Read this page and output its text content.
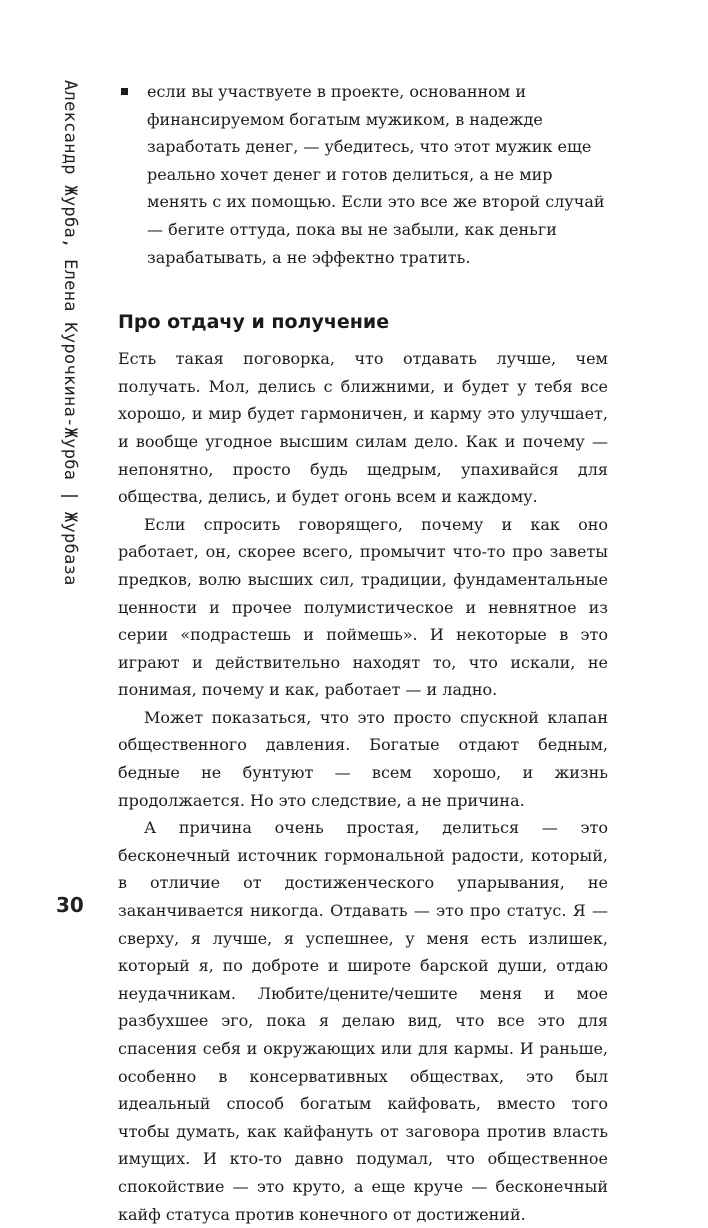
Александр Журба, Елена Курочкина-Журба | Журбаза
30
если вы участвуете в проекте, основанном и финансируемом богатым мужиком, в надежде заработать денег, — убедитесь, что этот мужик еще реально хочет денег и готов делиться, а не мир менять с их помощью. Если это все же второй случай — бегите оттуда, пока вы не забыли, как деньги зарабатывать, а не эффектно тратить.
Про отдачу и получение

Есть такая поговорка, что отдавать лучше, чем получать. Мол, делись с ближними, и будет у тебя все хорошо, и мир будет гармоничен, и карму это улучшает, и вообще угодное высшим силам дело. Как и почему — непонятно, просто будь щедрым, упахивайся для общества, делись, и будет огонь всем и каждому.

Если спросить говорящего, почему и как оно работает, он, скорее всего, промычит что-то про заветы предков, волю высших сил, традиции, фундаментальные ценности и прочее полумистическое и невнятное из серии «подрастешь и поймешь». И некоторые в это играют и действительно находят то, что искали, не понимая, почему и как, работает — и ладно.

Может показаться, что это просто спускной клапан общественного давления. Богатые отдают бедным, бедные не бунтуют — всем хорошо, и жизнь продолжается. Но это следствие, а не причина.

А причина очень простая, делиться — это бесконечный источник гормональной радости, который, в отличие от достиженческого упарывания, не заканчивается никогда. Отдавать — это про статус. Я — сверху, я лучше, я успешнее, у меня есть излишек, который я, по доброте и широте барской души, отдаю неудачникам. Любите/цените/чешите меня и мое разбухшее эго, пока я делаю вид, что все это для спасения себя и окружающих или для кармы. И раньше, особенно в консервативных обществах, это был идеальный способ богатым кайфовать, вместо того чтобы думать, как кайфануть от заговора против власть имущих. И кто-то давно подумал, что общественное спокойствие — это круто, а еще круче — бесконечный кайф статуса против конечного от достижений.
